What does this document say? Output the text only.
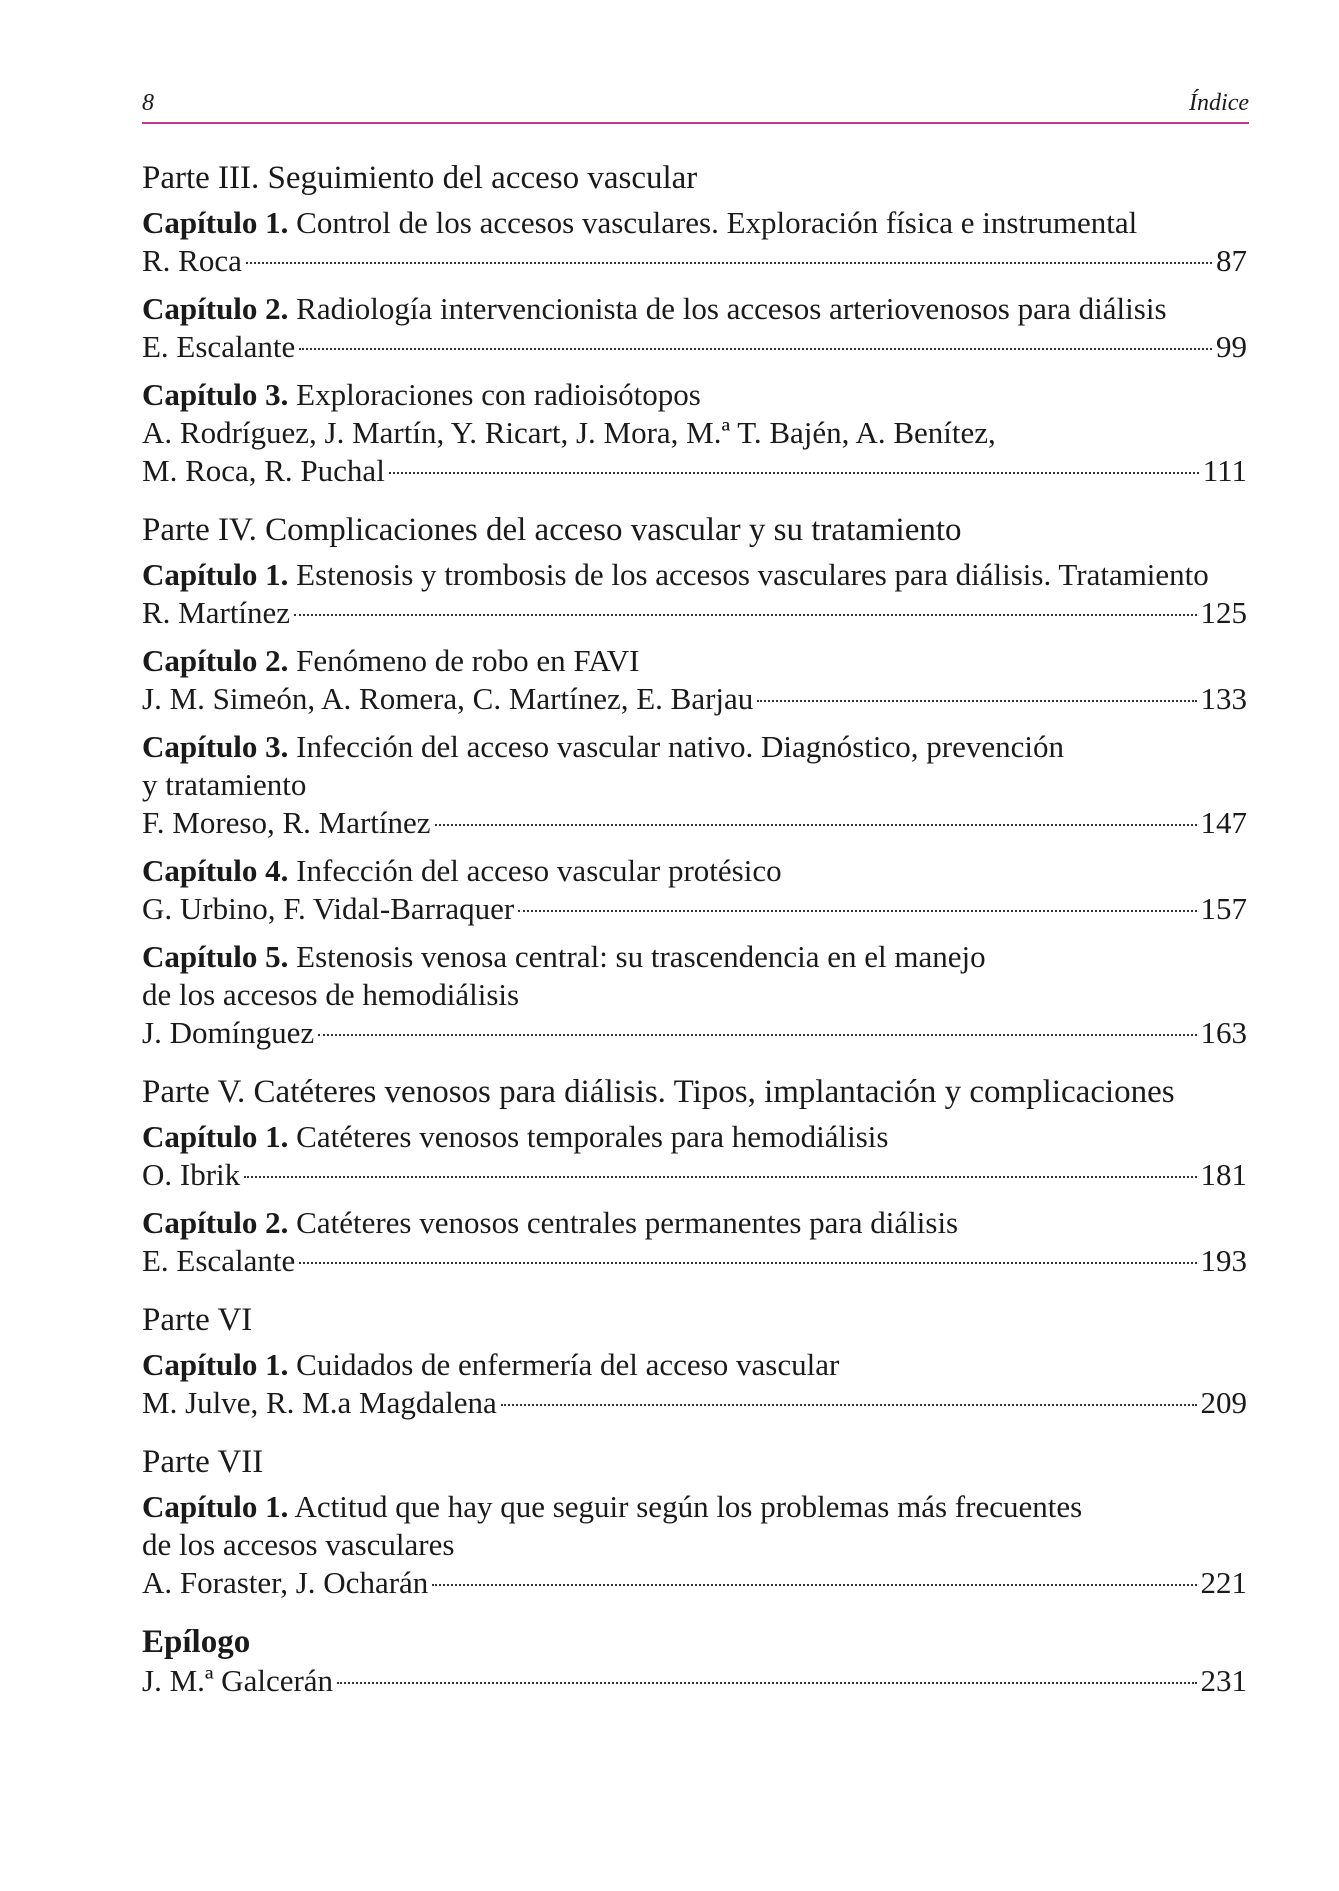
8	Índice
Parte III. Seguimiento del acceso vascular
Capítulo 1. Control de los accesos vasculares. Exploración física e instrumental
R. Roca	87
Capítulo 2. Radiología intervencionista de los accesos arteriovenosos para diálisis
E. Escalante	99
Capítulo 3. Exploraciones con radioisótopos
A. Rodríguez, J. Martín, Y. Ricart, J. Mora, M.ª T. Bajén, A. Benítez,
M. Roca, R. Puchal	111
Parte IV. Complicaciones del acceso vascular y su tratamiento
Capítulo 1. Estenosis y trombosis de los accesos vasculares para diálisis. Tratamiento
R. Martínez	125
Capítulo 2. Fenómeno de robo en FAVI
J. M. Simeón, A. Romera, C. Martínez, E. Barjau	133
Capítulo 3. Infección del acceso vascular nativo. Diagnóstico, prevención
y tratamiento
F. Moreso, R. Martínez	147
Capítulo 4. Infección del acceso vascular protésico
G. Urbino, F. Vidal-Barraquer	157
Capítulo 5. Estenosis venosa central: su trascendencia en el manejo
de los accesos de hemodiálisis
J. Domínguez	163
Parte V. Catéteres venosos para diálisis. Tipos, implantación y complicaciones
Capítulo 1. Catéteres venosos temporales para hemodiálisis
O. Ibrik	181
Capítulo 2. Catéteres venosos centrales permanentes para diálisis
E. Escalante	193
Parte VI
Capítulo 1. Cuidados de enfermería del acceso vascular
M. Julve, R. M.a Magdalena	209
Parte VII
Capítulo 1. Actitud que hay que seguir según los problemas más frecuentes
de los accesos vasculares
A. Foraster, J. Ocharán	221
Epílogo
J. M.ª Galcerán	231
